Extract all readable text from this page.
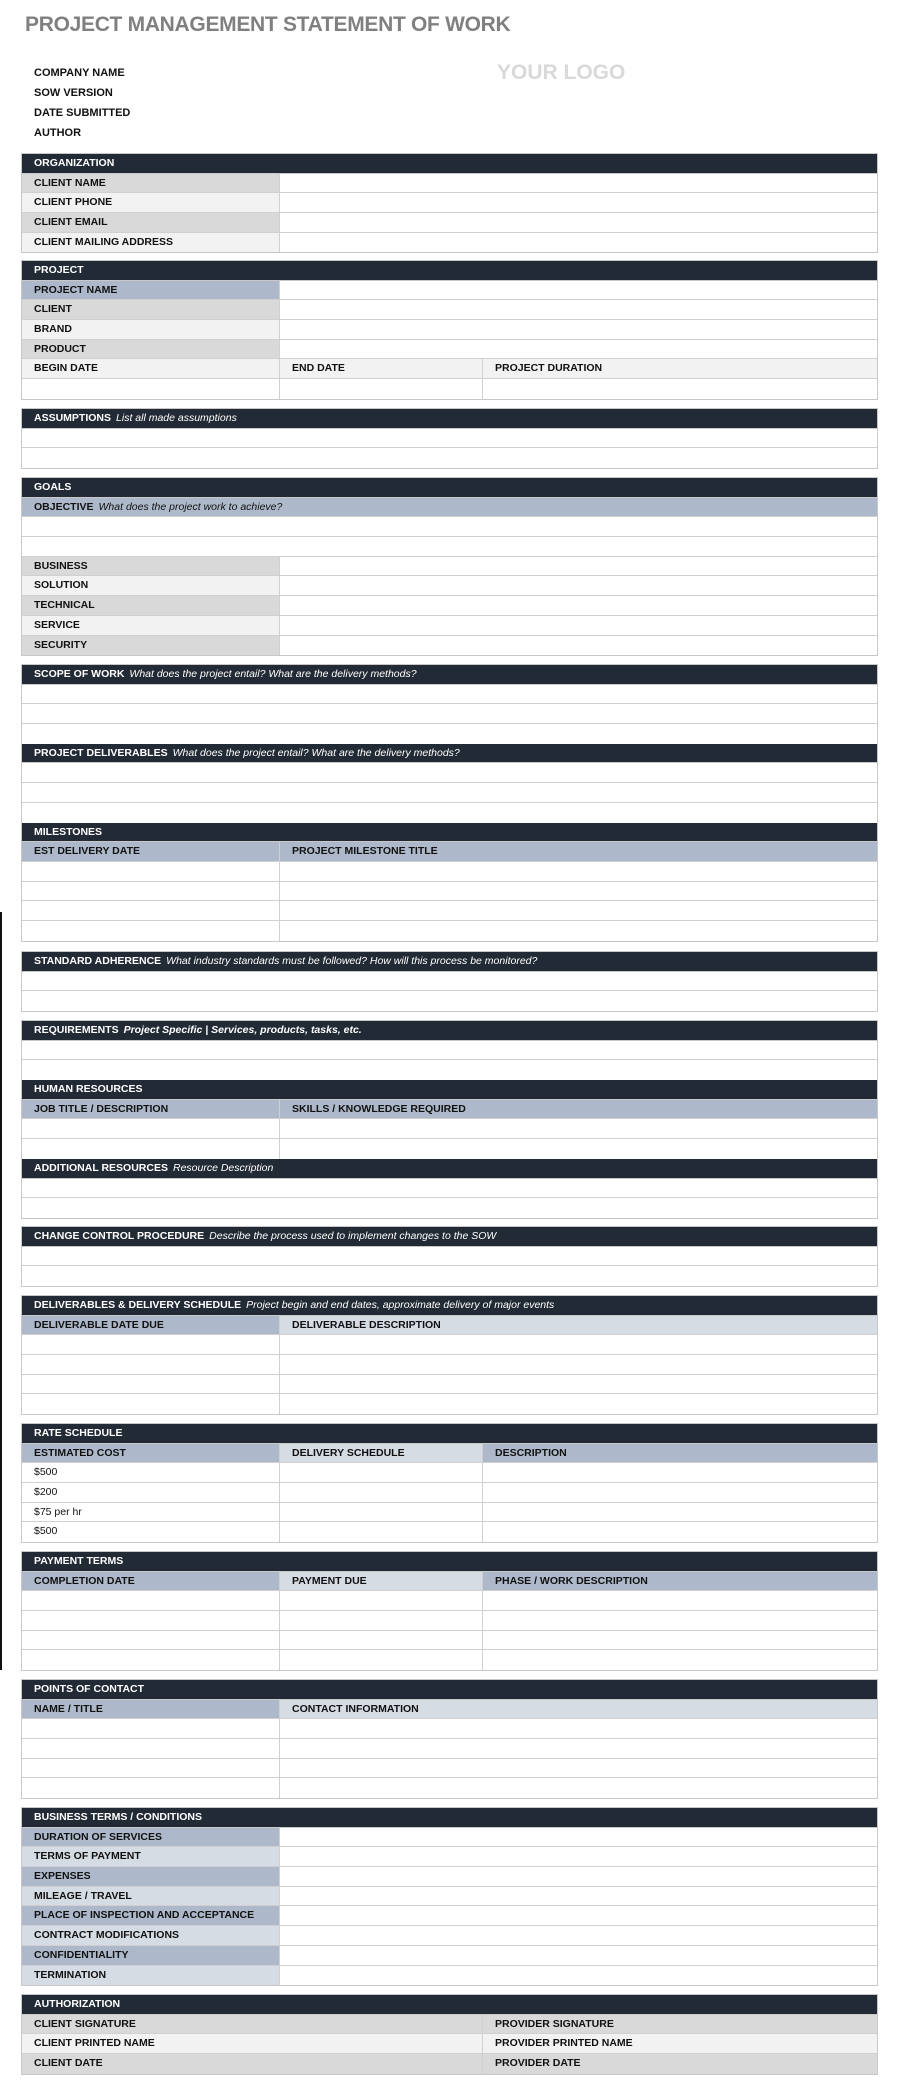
PROJECT MANAGEMENT STATEMENT OF WORK
COMPANY NAME
SOW VERSION
DATE SUBMITTED
AUTHOR
YOUR LOGO
ORGANIZATION
CLIENT NAME
CLIENT PHONE
CLIENT EMAIL
CLIENT MAILING ADDRESS
PROJECT
PROJECT NAME
CLIENT
BRAND
PRODUCT
BEGIN DATE	END DATE	PROJECT DURATION
ASSUMPTIONS List all made assumptions
GOALS
OBJECTIVE What does the project work to achieve?
BUSINESS
SOLUTION
TECHNICAL
SERVICE
SECURITY
SCOPE OF WORK What does the project entail? What are the delivery methods?
PROJECT DELIVERABLES What does the project entail? What are the delivery methods?
MILESTONES
EST DELIVERY DATE	PROJECT MILESTONE TITLE
STANDARD ADHERENCE What industry standards must be followed? How will this process be monitored?
REQUIREMENTS Project Specific | Services, products, tasks, etc.
HUMAN RESOURCES
JOB TITLE / DESCRIPTION	SKILLS / KNOWLEDGE REQUIRED
ADDITIONAL RESOURCES Resource Description
CHANGE CONTROL PROCEDURE Describe the process used to implement changes to the SOW
DELIVERABLES & DELIVERY SCHEDULE Project begin and end dates, approximate delivery of major events
DELIVERABLE DATE DUE	DELIVERABLE DESCRIPTION
RATE SCHEDULE
ESTIMATED COST	DELIVERY SCHEDULE	DESCRIPTION
$500
$200
$75 per hr
$500
PAYMENT TERMS
COMPLETION DATE	PAYMENT DUE	PHASE / WORK DESCRIPTION
POINTS OF CONTACT
NAME / TITLE	CONTACT INFORMATION
BUSINESS TERMS / CONDITIONS
DURATION OF SERVICES
TERMS OF PAYMENT
EXPENSES
MILEAGE / TRAVEL
PLACE OF INSPECTION AND ACCEPTANCE
CONTRACT MODIFICATIONS
CONFIDENTIALITY
TERMINATION
AUTHORIZATION
CLIENT SIGNATURE	PROVIDER SIGNATURE
CLIENT PRINTED NAME	PROVIDER PRINTED NAME
CLIENT DATE	PROVIDER DATE
